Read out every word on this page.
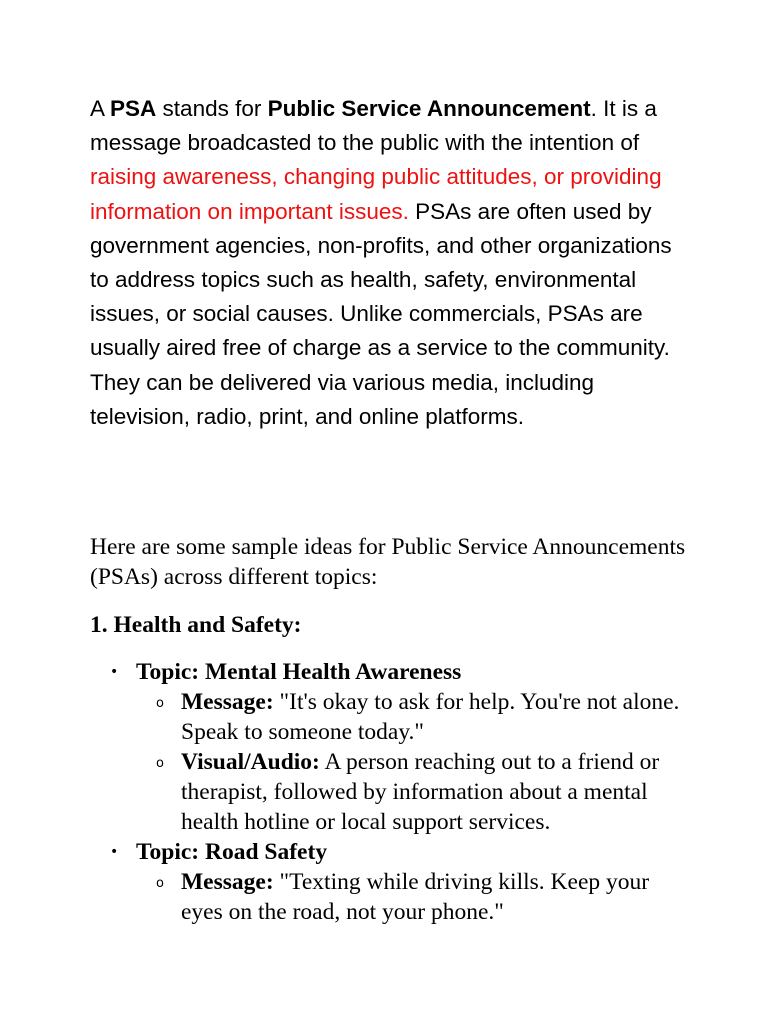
A PSA stands for Public Service Announcement. It is a message broadcasted to the public with the intention of raising awareness, changing public attitudes, or providing information on important issues. PSAs are often used by government agencies, non-profits, and other organizations to address topics such as health, safety, environmental issues, or social causes. Unlike commercials, PSAs are usually aired free of charge as a service to the community. They can be delivered via various media, including television, radio, print, and online platforms.

Here are some sample ideas for Public Service Announcements (PSAs) across different topics:

1. Health and Safety:

• Topic: Mental Health Awareness
o Message: "It's okay to ask for help. You're not alone. Speak to someone today."
o Visual/Audio: A person reaching out to a friend or therapist, followed by information about a mental health hotline or local support services.
• Topic: Road Safety
o Message: "Texting while driving kills. Keep your eyes on the road, not your phone."
